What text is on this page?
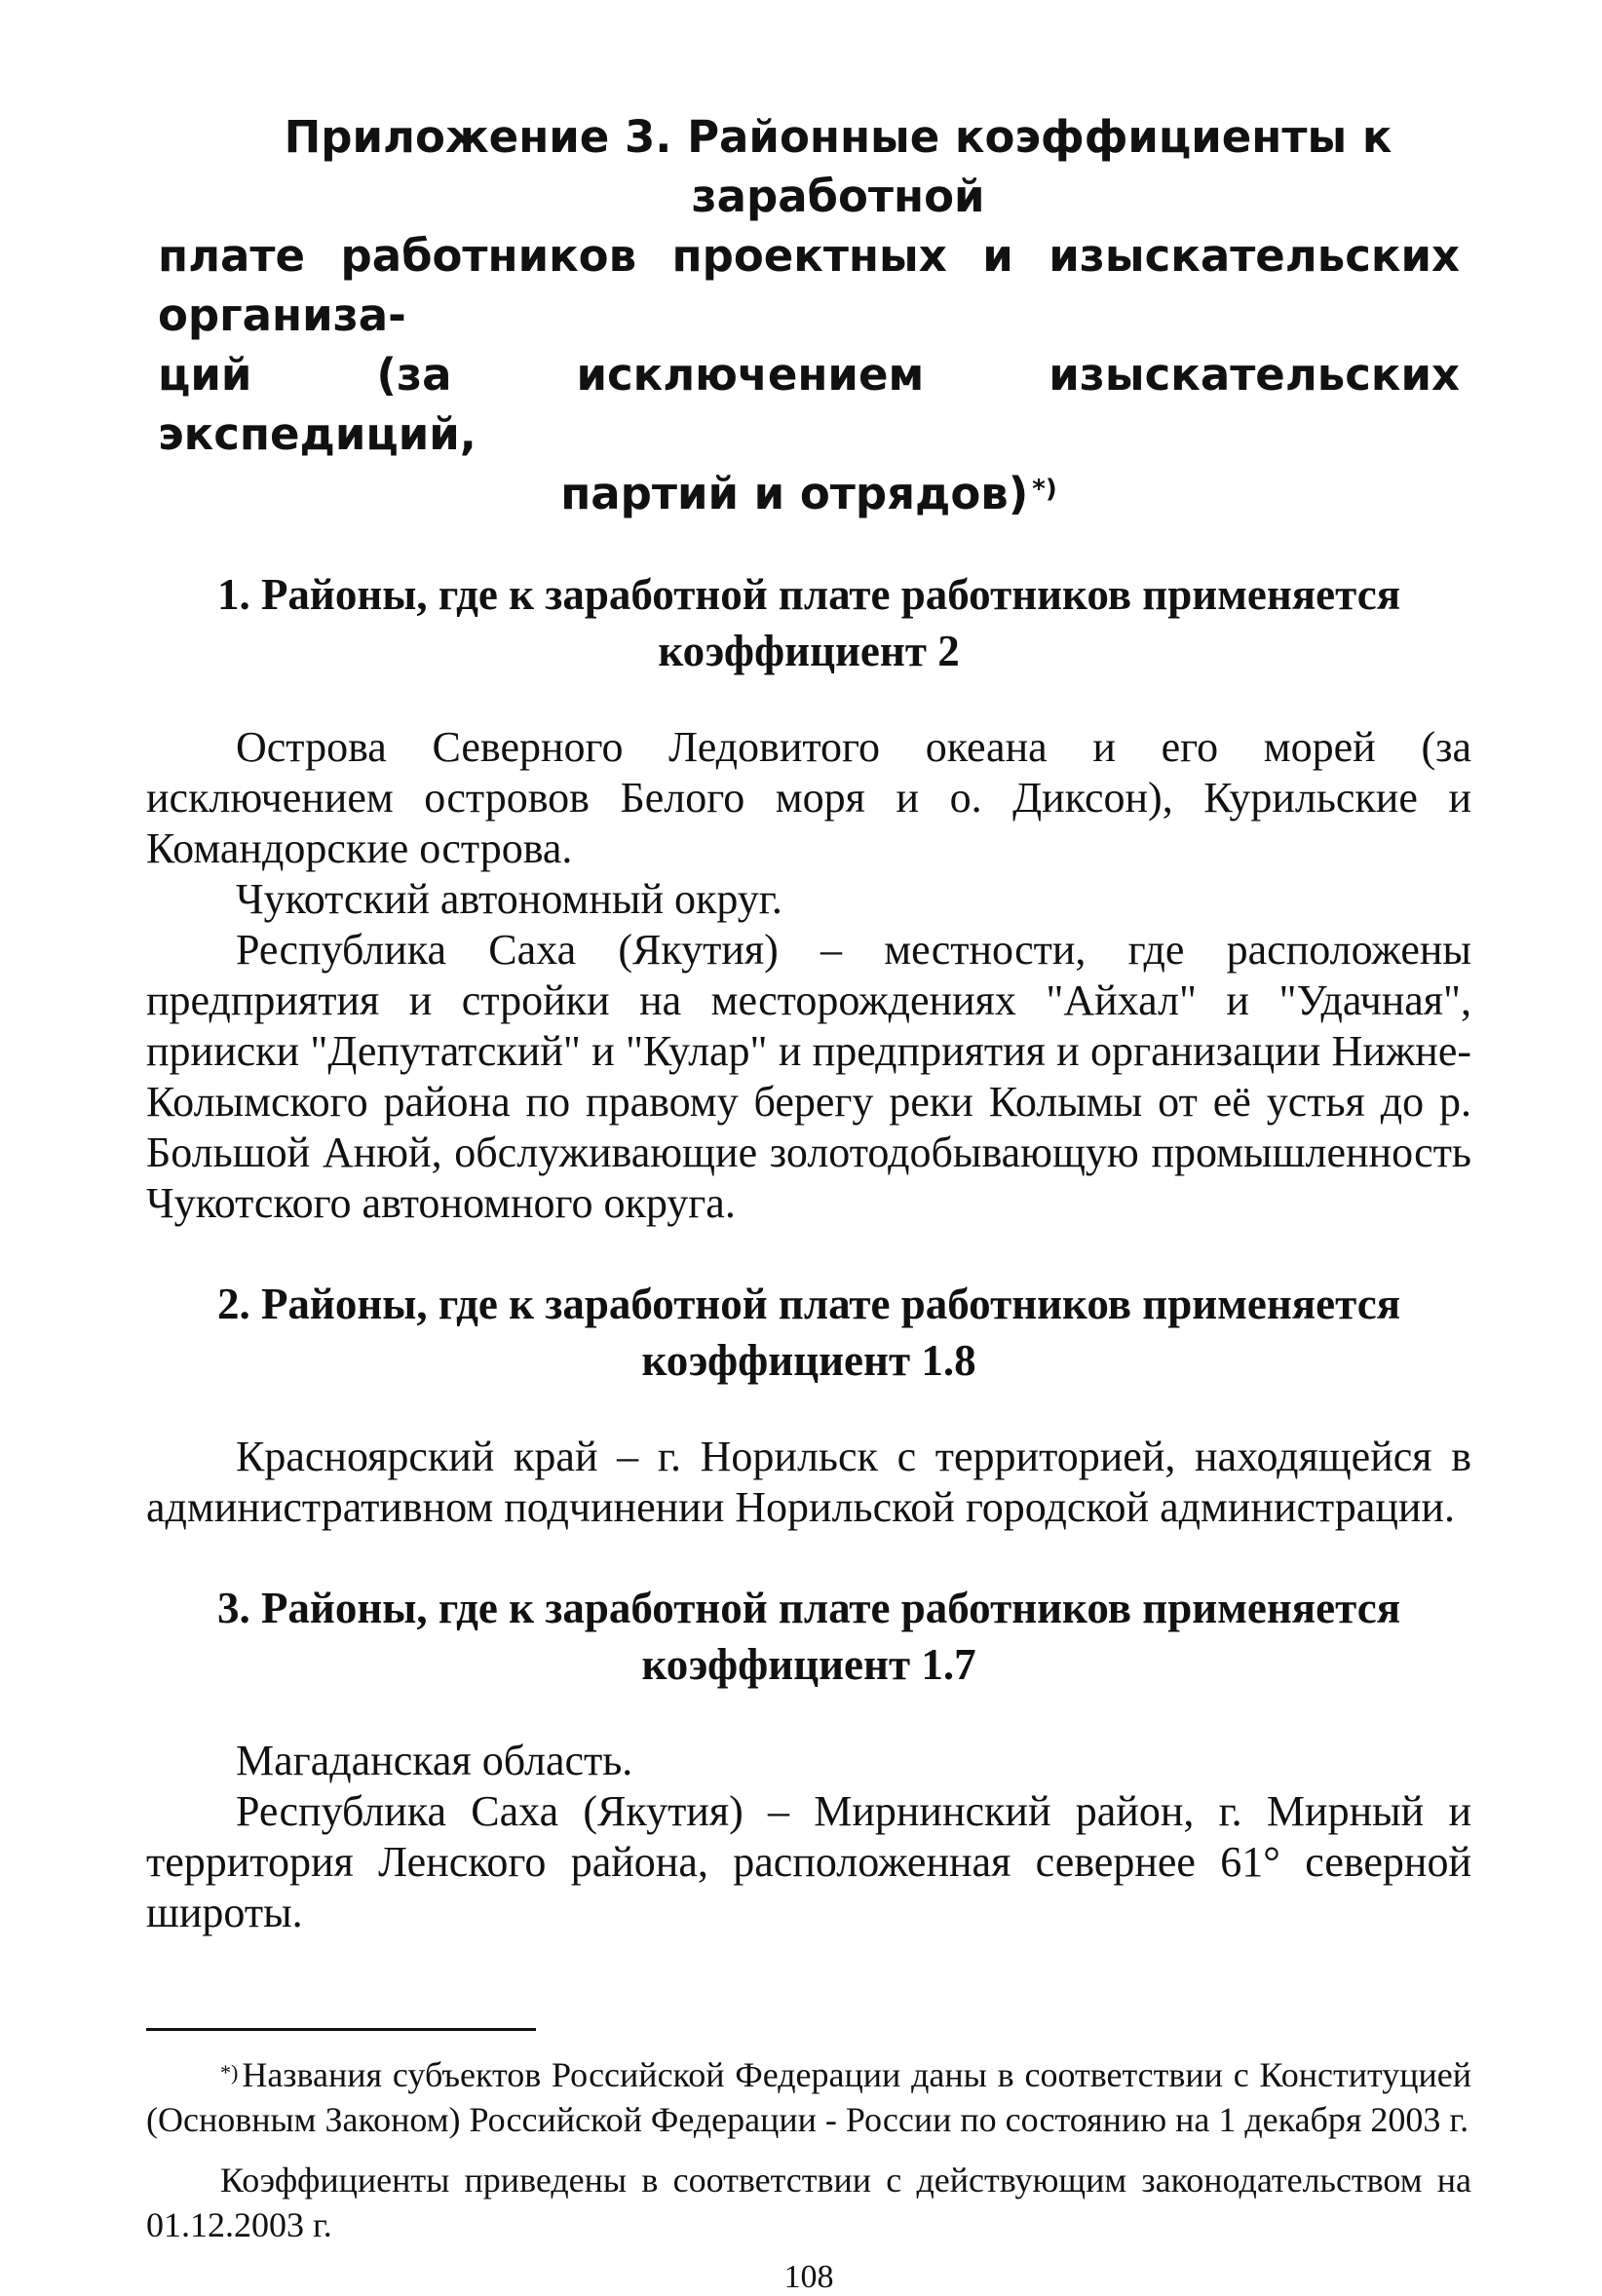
Приложение 3. Районные коэффициенты к заработной
плате работников проектных и изыскательских организа-
ций (за исключением изыскательских экспедиций,
партий и отрядов) *)
1. Районы, где к заработной плате работников применяется
коэффициент 2

Острова Северного Ледовитого океана и его морей (за исключением островов Белого моря и о. Диксон), Курильские и Командорские острова.

Чукотский автономный округ.

Республика Саха (Якутия) – местности, где расположены предприятия и стройки на месторождениях "Айхал" и "Удачная", прииски "Депутатский" и "Кулар" и предприятия и организации Нижне-Колымского района по правому берегу реки Колымы от её устья до р. Большой Анюй, обслуживающие золотодобывающую промышленность Чукотского автономного округа.

2. Районы, где к заработной плате работников применяется
коэффициент 1.8

Красноярский край – г. Норильск с территорией, находящейся в административном подчинении Норильской городской администрации.

3. Районы, где к заработной плате работников применяется
коэффициент 1.7

Магаданская область.

Республика Саха (Якутия) – Мирнинский район, г. Мирный и территория Ленского района, расположенная севернее 61° северной широты.

*) Названия субъектов Российской Федерации даны в соответствии с Конституцией (Основным Законом) Российской Федерации - России по состоянию на 1 декабря 2003 г.

Коэффициенты приведены в соответствии с действующим законодательством на 01.12.2003 г.

108
